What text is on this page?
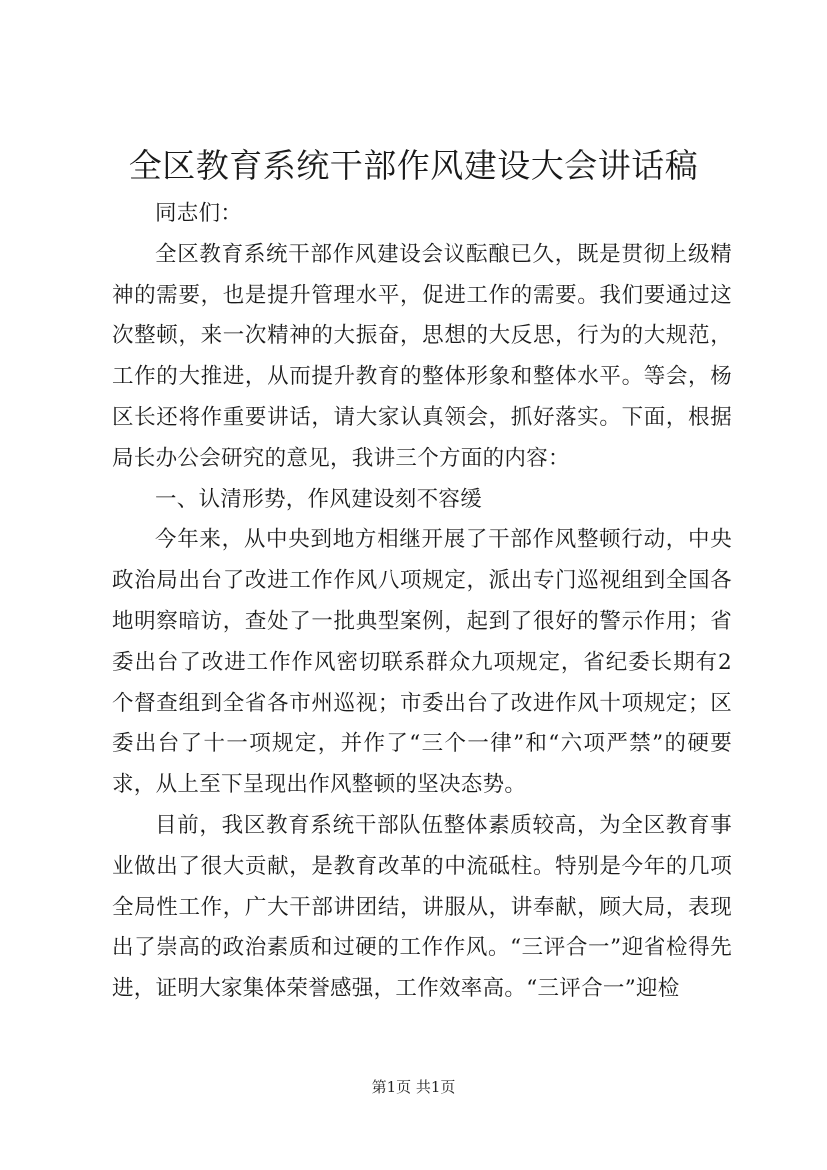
全区教育系统干部作风建设大会讲话稿

同志们：

全区教育系统干部作风建设会议酝酿已久，既是贯彻上级精神的需要，也是提升管理水平，促进工作的需要。我们要通过这次整顿，来一次精神的大振奋，思想的大反思，行为的大规范，工作的大推进，从而提升教育的整体形象和整体水平。等会，杨区长还将作重要讲话，请大家认真领会，抓好落实。下面，根据局长办公会研究的意见，我讲三个方面的内容：

一、认清形势，作风建设刻不容缓

今年来，从中央到地方相继开展了干部作风整顿行动，中央政治局出台了改进工作作风八项规定，派出专门巡视组到全国各地明察暗访，查处了一批典型案例，起到了很好的警示作用；省委出台了改进工作作风密切联系群众九项规定，省纪委长期有2个督查组到全省各市州巡视；市委出台了改进作风十项规定；区委出台了十一项规定，并作了“三个一律”和“六项严禁”的硬要求，从上至下呈现出作风整顿的坚决态势。

目前，我区教育系统干部队伍整体素质较高，为全区教育事业做出了很大贡献，是教育改革的中流砥柱。特别是今年的几项全局性工作，广大干部讲团结，讲服从，讲奉献，顾大局，表现出了崇高的政治素质和过硬的工作作风。“三评合一”迎省检得先进，证明大家集体荣誉感强，工作效率高。“三评合一”迎检

第1页 共1页
